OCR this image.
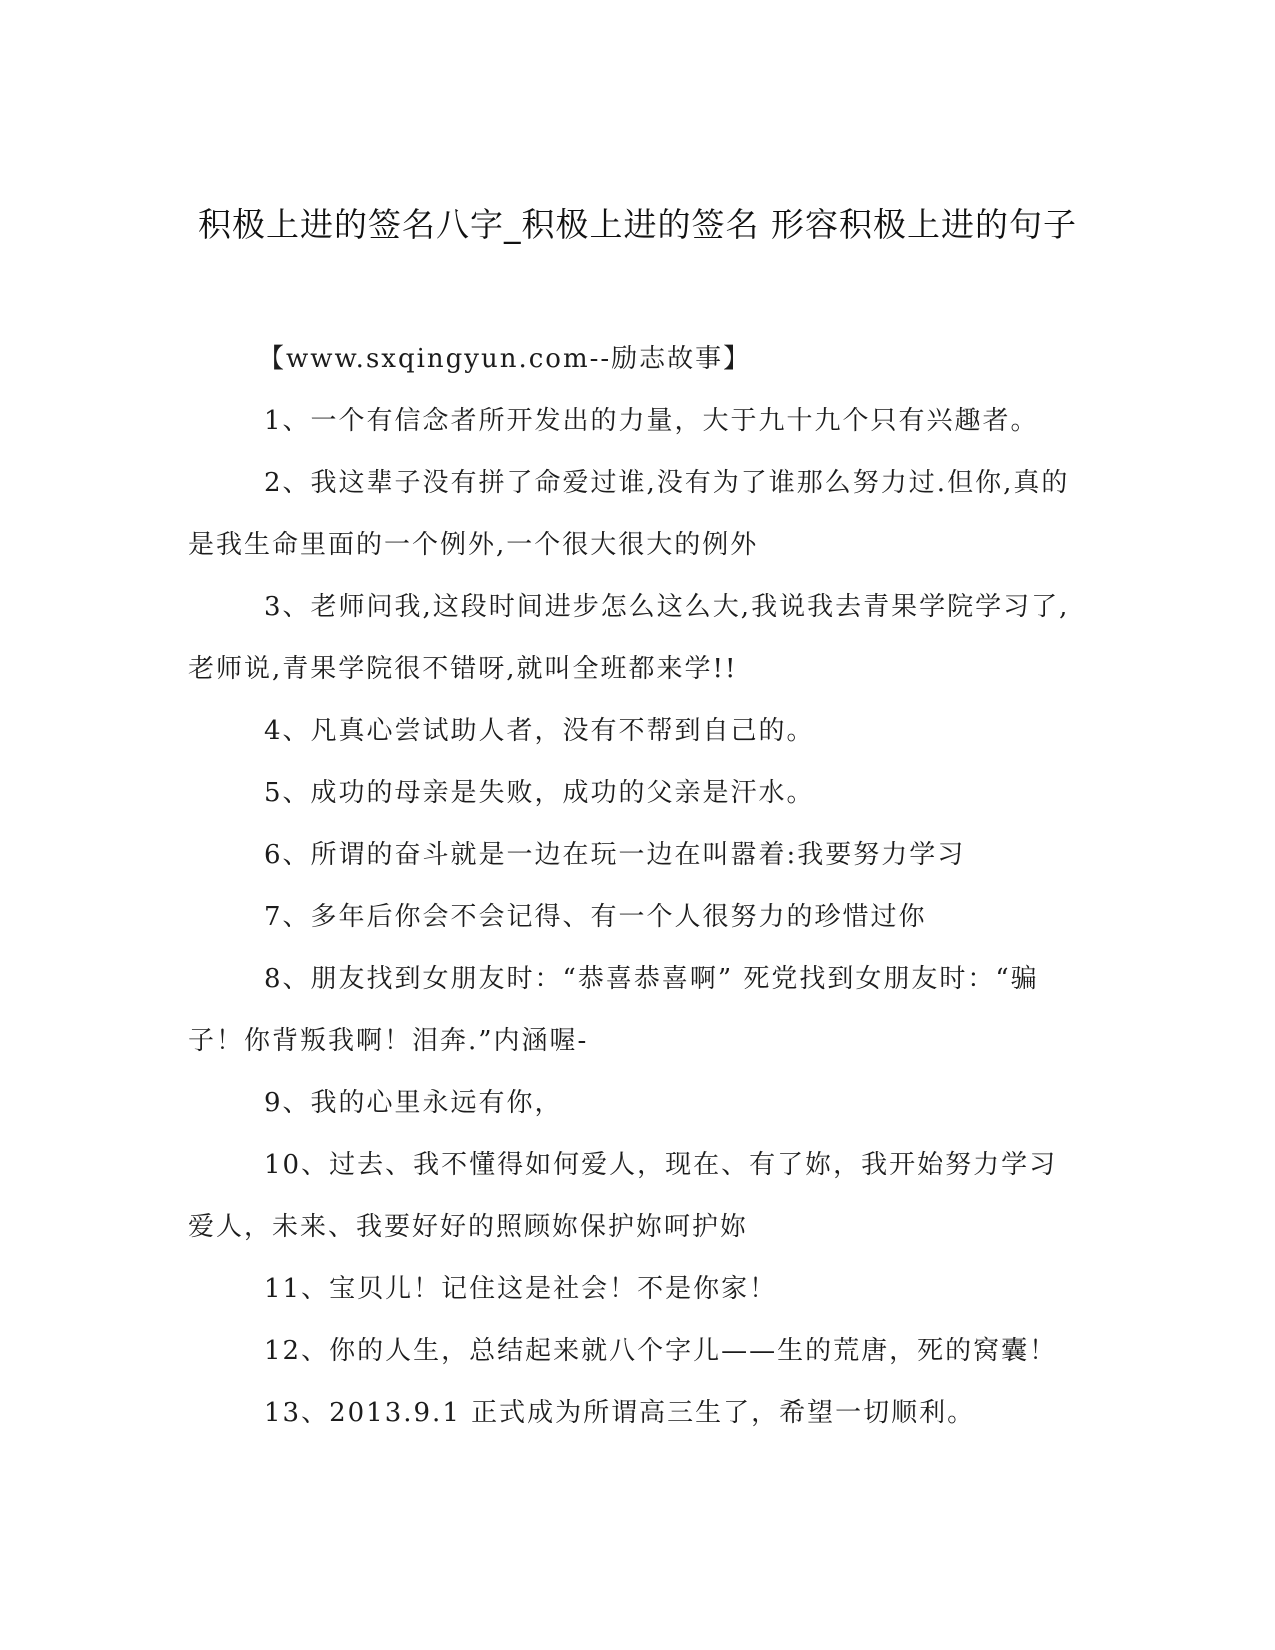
积极上进的签名八字_积极上进的签名 形容积极上进的句子

【www.sxqingyun.com--励志故事】

1、一个有信念者所开发出的力量，大于九十九个只有兴趣者。

2、我这辈子没有拼了命爱过谁,没有为了谁那么努力过.但你,真的是我生命里面的一个例外,一个很大很大的例外

3、老师问我,这段时间进步怎么这么大,我说我去青果学院学习了,老师说,青果学院很不错呀,就叫全班都来学!!

4、凡真心尝试助人者，没有不帮到自己的。

5、成功的母亲是失败，成功的父亲是汗水。

6、所谓的奋斗就是一边在玩一边在叫嚣着:我要努力学习

7、多年后你会不会记得、有一个人很努力的珍惜过你

8、朋友找到女朋友时：“恭喜恭喜啊” 死党找到女朋友时：“骗子！你背叛我啊！泪奔.”内涵喔-

9、我的心里永远有你，

10、过去、我不懂得如何爱人，现在、有了妳，我开始努力学习爱人，未来、我要好好的照顾妳保护妳呵护妳

11、宝贝儿！记住这是社会！不是你家！

12、你的人生，总结起来就八个字儿——生的荒唐，死的窝囊！

13、2013.9.1 正式成为所谓高三生了，希望一切顺利。
